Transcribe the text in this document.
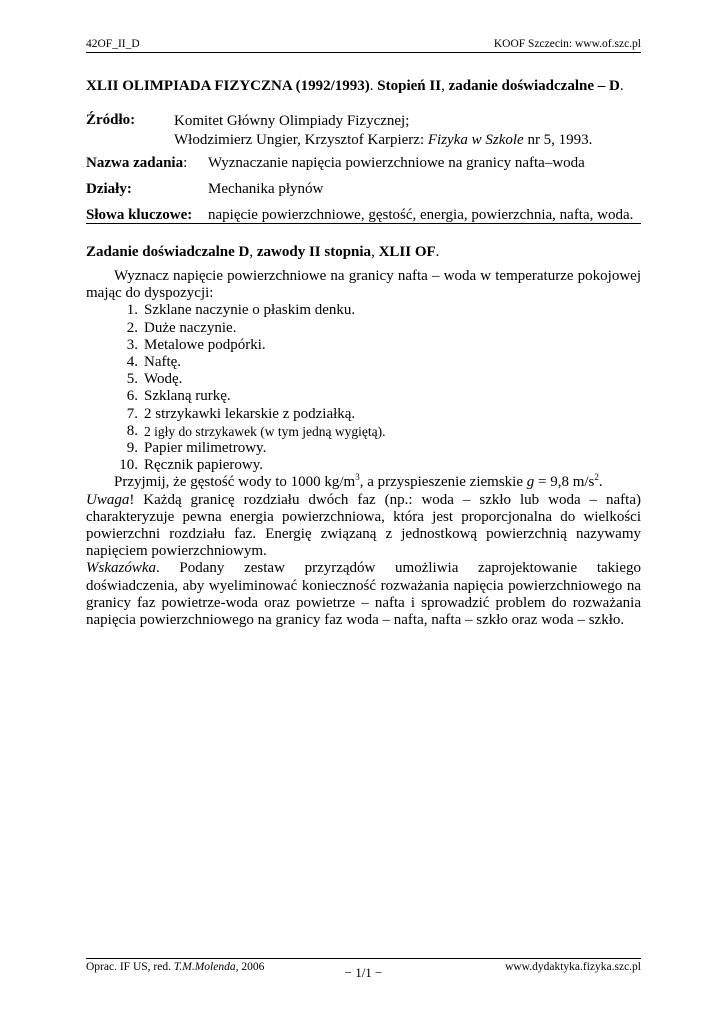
42OF_II_D	KOOF Szczecin: www.of.szc.pl
XLII OLIMPIADA FIZYCZNA (1992/1993). Stopień II, zadanie doświadczalne – D.
Źródło:	Komitet Główny Olimpiady Fizycznej;
Włodzimierz Ungier, Krzysztof Karpierz: Fizyka w Szkole nr 5, 1993.
Nazwa zadania:	Wyznaczanie napięcia powierzchniowe na granicy nafta–woda
Działy:	Mechanika płynów
Słowa kluczowe:	napięcie powierzchniowe, gęstość, energia, powierzchnia, nafta, woda.
Zadanie doświadczalne D, zawody II stopnia, XLII OF.

Wyznacz napięcie powierzchniowe na granicy nafta – woda w temperaturze pokojowej mając do dyspozycji:

1. Szklane naczynie o płaskim denku.
2. Duże naczynie.
3. Metalowe podpórki.
4. Naftę.
5. Wodę.
6. Szklaną rurkę.
7. 2 strzykawki lekarskie z podziałką.
8. 2 igły do strzykawek (w tym jedną wygiętą).
9. Papier milimetrowy.
10. Ręcznik papierowy.

Przyjmij, że gęstość wody to 1000 $kg/m^3$, a przyspieszenie ziemskie g = 9,8 $m/s^2$.

Uwaga! Każdą granicę rozdziału dwóch faz (np.: woda – szkło lub woda – nafta) charakteryzuje pewna energia powierzchniowa, która jest proporcjonalna do wielkości powierzchni rozdziału faz. Energię związaną z jednostkową powierzchnią nazywamy napięciem powierzchniowym.

Wskazówka. Podany zestaw przyrządów umożliwia zaprojektowanie takiego doświadczenia, aby wyeliminować konieczność rozważania napięcia powierzchniowego na granicy faz powietrze-woda oraz powietrze – nafta i sprowadzić problem do rozważania napięcia powierzchniowego na granicy faz woda – nafta, nafta – szkło oraz woda – szkło.

Oprac. IF US, red. T.M.Molenda, 2006	− 1/1 −	www.dydaktyka.fizyka.szc.pl
